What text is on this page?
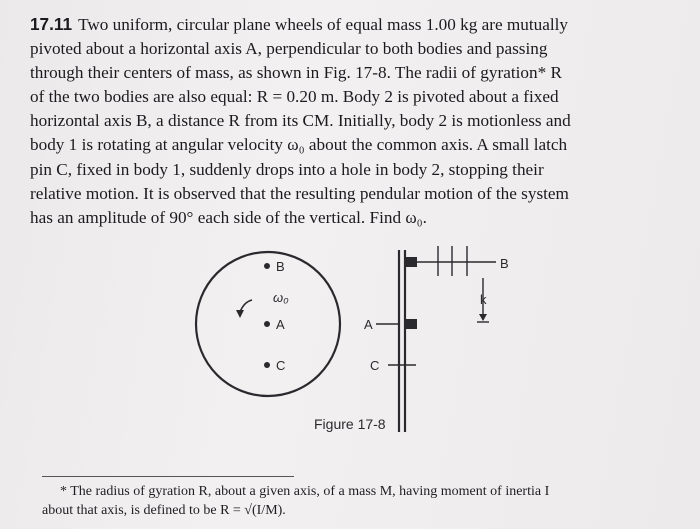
17.11 Two uniform, circular plane wheels of equal mass 1.00 kg are mutually
pivoted about a horizontal axis A, perpendicular to both bodies and passing
through their centers of mass, as shown in Fig. 17-8. The radii of gyration* R
of the two bodies are also equal: R = 0.20 m. Body 2 is pivoted about a fixed
horizontal axis B, a distance R from its CM. Initially, body 2 is motionless and
body 1 is rotating at angular velocity ω₀ about the common axis. A small latch
pin C, fixed in body 1, suddenly drops into a hole in body 2, stopping their
relative motion. It is observed that the resulting pendular motion of the system
has an amplitude of 90° each side of the vertical. Find ω₀.
B
ω₀
A
C
B
k
A
C
Figure 17-8
* The radius of gyration R, about a given axis, of a mass M, having moment of inertia I
about that axis, is defined to be R = √(I/M).
